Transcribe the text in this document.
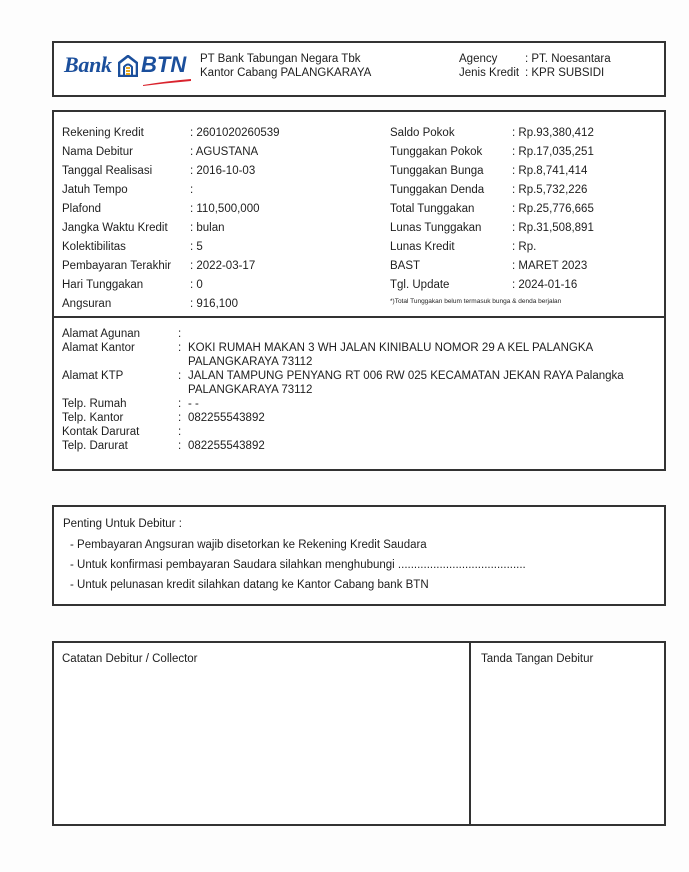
Bank BTN PT Bank Tabungan Negara Tbk
Kantor Cabang PALANGKARAYA
Agency	: PT. Noesantara
Jenis Kredit : KPR SUBSIDI
Rekening Kredit	: 2601020260539
Nama Debitur	: AGUSTANA
Tanggal Realisasi	: 2016-10-03
Jatuh Tempo	:
Plafond	: 110,500,000
Jangka Waktu Kredit	: bulan
Kolektibilitas	: 5
Pembayaran Terakhir	: 2022-03-17
Hari Tunggakan	: 0
Angsuran	: 916,100
Saldo Pokok	: Rp.93,380,412
Tunggakan Pokok	: Rp.17,035,251
Tunggakan Bunga	: Rp.8,741,414
Tunggakan Denda	: Rp.5,732,226
Total Tunggakan	: Rp.25,776,665
Lunas Tunggakan	: Rp.31,508,891
Lunas Kredit	: Rp.
BAST	: MARET 2023
Tgl. Update	: 2024-01-16
*)Total Tunggakan belum termasuk bunga & denda berjalan
Alamat Agunan	:
Alamat Kantor	: KOKI RUMAH MAKAN 3 WH JALAN KINIBALU NOMOR 29 A KEL PALANGKA PALANGKARAYA 73112
Alamat KTP	: JALAN TAMPUNG PENYANG RT 006 RW 025 KECAMATAN JEKAN RAYA Palangka PALANGKARAYA 73112
Telp. Rumah	: - -
Telp. Kantor	: 082255543892
Kontak Darurat	:
Telp. Darurat	: 082255543892
Penting Untuk Debitur :
- Pembayaran Angsuran wajib disetorkan ke Rekening Kredit Saudara
- Untuk konfirmasi pembayaran Saudara silahkan menghubungi ........................................
- Untuk pelunasan kredit silahkan datang ke Kantor Cabang bank BTN
Catatan Debitur / Collector	Tanda Tangan Debitur
